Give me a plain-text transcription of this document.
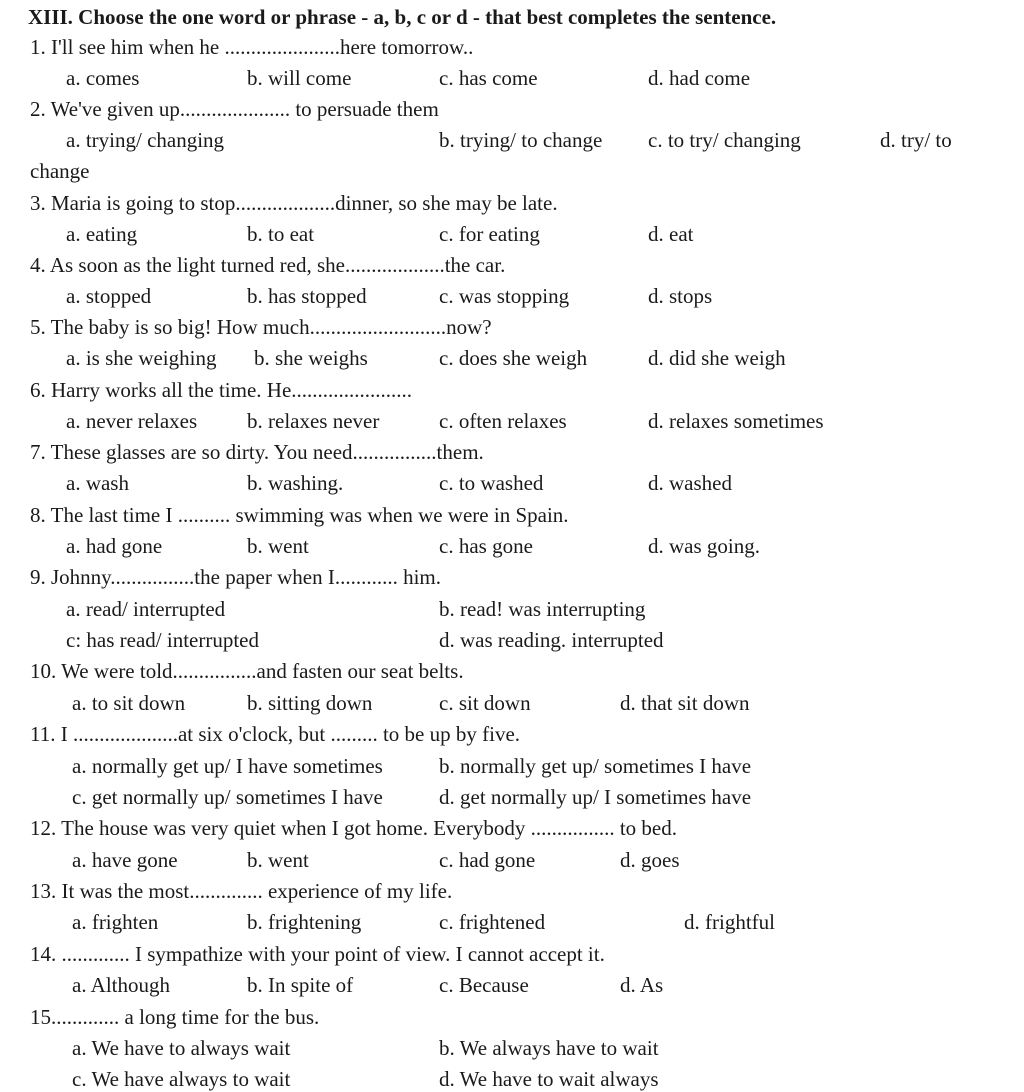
XIII. Choose the one word or phrase - a, b, c or d - that best completes the sentence.
1. I'll see him when he ......................here tomorrow..
a. comes	b. will come	c. has come	d. had come
2. We've given up..................... to persuade them
a. trying/ changing	b. trying/ to change c. to try/ changing	d. try/ to
change
3. Maria is going to stop...................dinner, so she may be late.
a. eating	b. to eat	c. for eating	d. eat
4. As soon as the light turned red, she...................the car.
a. stopped	b. has stopped	c. was stopping	d. stops
5. The baby is so big! How much..........................now?
a. is she weighing b. she weighs	c. does she weigh	d. did she weigh
6. Harry works all the time. He.......................
a. never relaxes b. relaxes never	c. often relaxes	d. relaxes sometimes
7. These glasses are so dirty. You need................them.
a. wash	b. washing.	c. to washed	d. washed
8. The last time I .......... swimming was when we were in Spain.
a. had gone	b. went	c. has gone	d. was going.
9. Johnny................the paper when I............ him.
a. read/ interrupted	b. read! was interrupting
c: has read/ interrupted	d. was reading. interrupted
10. We were told................and fasten our seat belts.
a. to sit down	b. sitting down	c. sit down	d. that sit down
11. I ....................at six o'clock, but ......... to be up by five.
a. normally get up/ I have sometimes	b. normally get up/ sometimes I have
c. get normally up/ sometimes I have	d. get normally up/ I sometimes have
12. The house was very quiet when I got home. Everybody ................ to bed.
a. have gone	b. went	c. had gone	d. goes
13. It was the most.............. experience of my life.
a. frighten	b. frightening	c. frightened	d. frightful
14. ............. I sympathize with your point of view. I cannot accept it.
a. Although	b. In spite of	c. Because	d. As
15............. a long time for the bus.
a. We have to always wait	b. We always have to wait
c. We have always to wait	d. We have to wait always
